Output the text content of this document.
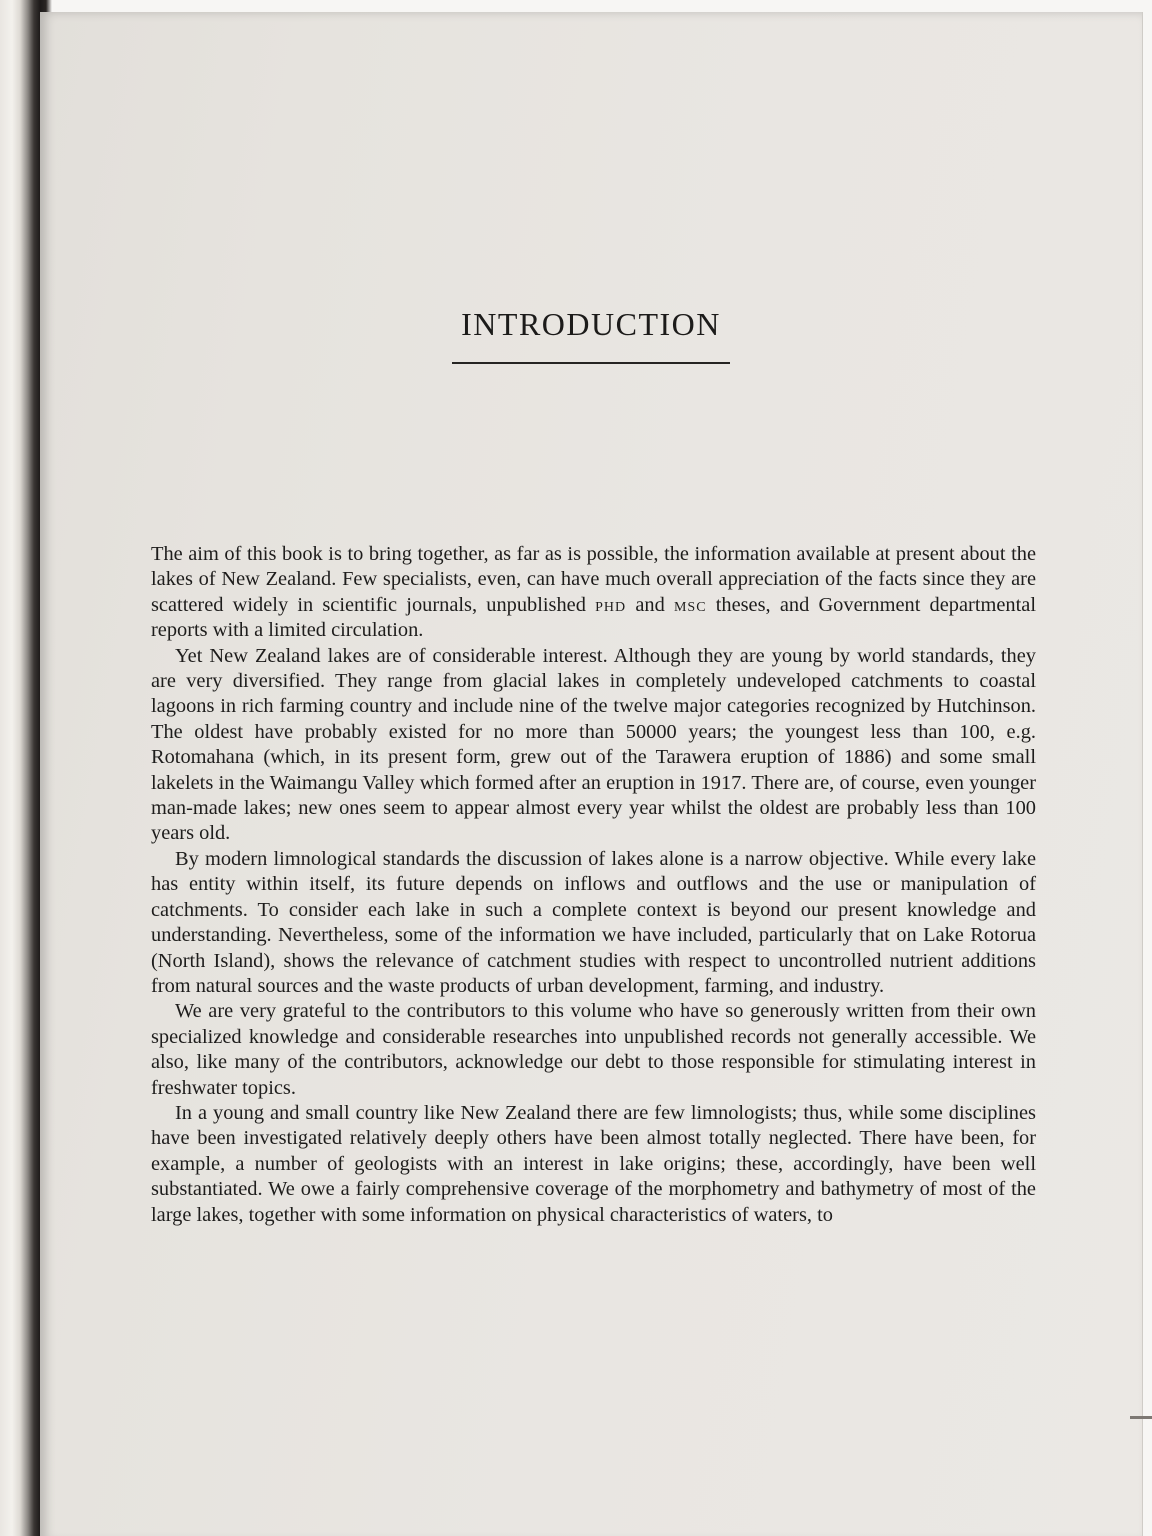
INTRODUCTION

The aim of this book is to bring together, as far as is possible, the information available at present about the lakes of New Zealand. Few specialists, even, can have much overall appreciation of the facts since they are scattered widely in scientific journals, unpublished phd and msc theses, and Government departmental reports with a limited circulation.

Yet New Zealand lakes are of considerable interest. Although they are young by world standards, they are very diversified. They range from glacial lakes in completely undeveloped catchments to coastal lagoons in rich farming country and include nine of the twelve major categories recognized by Hutchinson. The oldest have probably existed for no more than 50000 years; the youngest less than 100, e.g. Rotomahana (which, in its present form, grew out of the Tarawera eruption of 1886) and some small lakelets in the Waimangu Valley which formed after an eruption in 1917. There are, of course, even younger man-made lakes; new ones seem to appear almost every year whilst the oldest are probably less than 100 years old.

By modern limnological standards the discussion of lakes alone is a narrow objective. While every lake has entity within itself, its future depends on inflows and outflows and the use or manipulation of catchments. To consider each lake in such a complete context is beyond our present knowledge and understanding. Nevertheless, some of the information we have included, particularly that on Lake Rotorua (North Island), shows the relevance of catchment studies with respect to uncontrolled nutrient additions from natural sources and the waste products of urban development, farming, and industry.

We are very grateful to the contributors to this volume who have so generously written from their own specialized knowledge and considerable researches into unpublished records not generally accessible. We also, like many of the contributors, acknowledge our debt to those responsible for stimulating interest in freshwater topics.

In a young and small country like New Zealand there are few limnologists; thus, while some disciplines have been investigated relatively deeply others have been almost totally neglected. There have been, for example, a number of geologists with an interest in lake origins; these, accordingly, have been well substantiated. We owe a fairly comprehensive coverage of the morphometry and bathymetry of most of the large lakes, together with some information on physical characteristics of waters, to
